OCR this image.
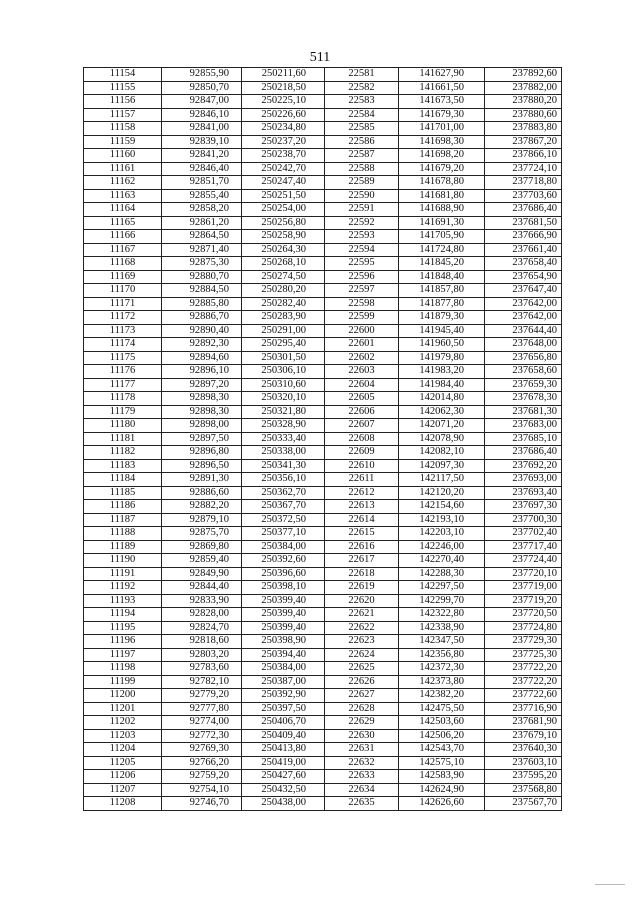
511
11154	92855,90	250211,60	22581	141627,90	237892,60
11155	92850,70	250218,50	22582	141661,50	237882,00
11156	92847,00	250225,10	22583	141673,50	237880,20
11157	92846,10	250226,60	22584	141679,30	237880,60
11158	92841,00	250234,80	22585	141701,00	237883,80
11159	92839,10	250237,20	22586	141698,30	237867,20
11160	92841,20	250238,70	22587	141698,20	237866,10
11161	92846,40	250242,70	22588	141679,20	237724,10
11162	92851,70	250247,40	22589	141678,80	237718,80
11163	92855,40	250251,50	22590	141681,80	237703,60
11164	92858,20	250254,00	22591	141688,90	237686,40
11165	92861,20	250256,80	22592	141691,30	237681,50
11166	92864,50	250258,90	22593	141705,90	237666,90
11167	92871,40	250264,30	22594	141724,80	237661,40
11168	92875,30	250268,10	22595	141845,20	237658,40
11169	92880,70	250274,50	22596	141848,40	237654,90
11170	92884,50	250280,20	22597	141857,80	237647,40
11171	92885,80	250282,40	22598	141877,80	237642,00
11172	92886,70	250283,90	22599	141879,30	237642,00
11173	92890,40	250291,00	22600	141945,40	237644,40
11174	92892,30	250295,40	22601	141960,50	237648,00
11175	92894,60	250301,50	22602	141979,80	237656,80
11176	92896,10	250306,10	22603	141983,20	237658,60
11177	92897,20	250310,60	22604	141984,40	237659,30
11178	92898,30	250320,10	22605	142014,80	237678,30
11179	92898,30	250321,80	22606	142062,30	237681,30
11180	92898,00	250328,90	22607	142071,20	237683,00
11181	92897,50	250333,40	22608	142078,90	237685,10
11182	92896,80	250338,00	22609	142082,10	237686,40
11183	92896,50	250341,30	22610	142097,30	237692,20
11184	92891,30	250356,10	22611	142117,50	237693,00
11185	92886,60	250362,70	22612	142120,20	237693,40
11186	92882,20	250367,70	22613	142154,60	237697,30
11187	92879,10	250372,50	22614	142193,10	237700,30
11188	92875,70	250377,10	22615	142203,10	237702,40
11189	92869,80	250384,00	22616	142246,00	237717,40
11190	92859,40	250392,60	22617	142270,40	237724,40
11191	92849,90	250396,60	22618	142288,30	237720,10
11192	92844,40	250398,10	22619	142297,50	237719,00
11193	92833,90	250399,40	22620	142299,70	237719,20
11194	92828,00	250399,40	22621	142322,80	237720,50
11195	92824,70	250399,40	22622	142338,90	237724,80
11196	92818,60	250398,90	22623	142347,50	237729,30
11197	92803,20	250394,40	22624	142356,80	237725,30
11198	92783,60	250384,00	22625	142372,30	237722,20
11199	92782,10	250387,00	22626	142373,80	237722,20
11200	92779,20	250392,90	22627	142382,20	237722,60
11201	92777,80	250397,50	22628	142475,50	237716,90
11202	92774,00	250406,70	22629	142503,60	237681,90
11203	92772,30	250409,40	22630	142506,20	237679,10
11204	92769,30	250413,80	22631	142543,70	237640,30
11205	92766,20	250419,00	22632	142575,10	237603,10
11206	92759,20	250427,60	22633	142583,90	237595,20
11207	92754,10	250432,50	22634	142624,90	237568,80
11208	92746,70	250438,00	22635	142626,60	237567,70
